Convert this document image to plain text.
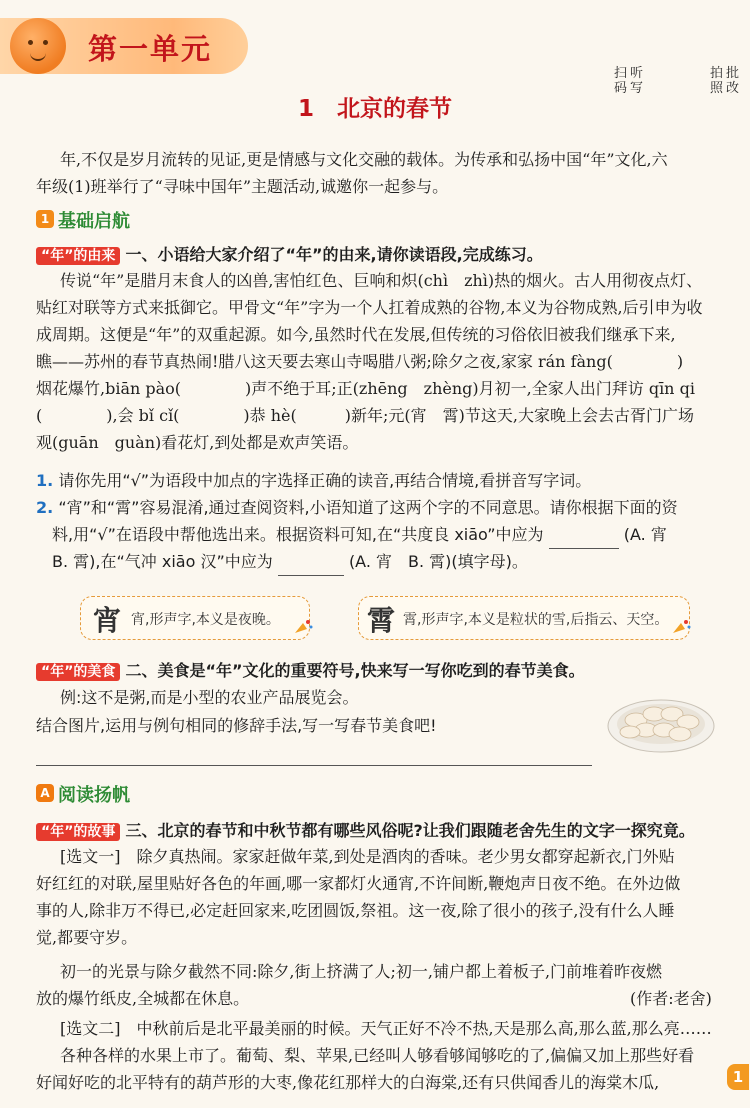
第一单元
1　北京的春节
扫
码
听
写
拍
照
批
改
年,不仅是岁月流转的见证,更是情感与文化交融的载体。为传承和弘扬中国“年”文化,六
年级(1)班举行了“寻味中国年”主题活动,诚邀你一起参与。
1 基础启航
“年”的由来 一、小语给大家介绍了“年”的由来,请你读语段,完成练习。
传说“年”是腊月末食人的凶兽,害怕红色、巨响和炽(chì　zhì)热的烟火。古人用彻夜点灯、
贴红对联等方式来抵御它。甲骨文“年”字为一个人扛着成熟的谷物,本义为谷物成熟,后引申为收
成周期。这便是“年”的双重起源。如今,虽然时代在发展,但传统的习俗依旧被我们继承下来,
瞧——苏州的春节真热闹!腊八这天要去寒山寺喝腊八粥;除夕之夜,家家 rán fàng(　　　　)
烟花爆竹,biān pào(　　　　)声不绝于耳;正(zhēng　zhèng)月初一,全家人出门拜访 qīn qi
(　　　　),会 bǐ cǐ(　　　　)恭 hè(　　　)新年;元(宵　霄)节这天,大家晚上会去古胥门广场
观(guān　guàn)看花灯,到处都是欢声笑语。
1. 请你先用“√”为语段中加点的字选择正确的读音,再结合情境,看拼音写字词。
2. “宵”和“霄”容易混淆,通过查阅资料,小语知道了这两个字的不同意思。请你根据下面的资
料,用“√”在语段中帮他选出来。根据资料可知,在“共度良 xiāo”中应为	(A. 宵
B. 霄),在“气冲 xiāo 汉”中应为	(A. 宵　B. 霄)(填字母)。
宵 宵,形声字,本义是夜晚。	霄 霄,形声字,本义是粒状的雪,后指云、天空。
“年”的美食 二、美食是“年”文化的重要符号,快来写一写你吃到的春节美食。
例:这不是粥,而是小型的农业产品展览会。
结合图片,运用与例句相同的修辞手法,写一写春节美食吧!
A 阅读扬帆
“年”的故事 三、北京的春节和中秋节都有哪些风俗呢?让我们跟随老舍先生的文字一探究竟。
[选文一]　除夕真热闹。家家赶做年菜,到处是酒肉的香味。老少男女都穿起新衣,门外贴
好红红的对联,屋里贴好各色的年画,哪一家都灯火通宵,不许间断,鞭炮声日夜不绝。在外边做
事的人,除非万不得已,必定赶回家来,吃团圆饭,祭祖。这一夜,除了很小的孩子,没有什么人睡
觉,都要守岁。
初一的光景与除夕截然不同:除夕,街上挤满了人;初一,铺户都上着板子,门前堆着昨夜燃
放的爆竹纸皮,全城都在休息。	(作者:老舍)
[选文二]　中秋前后是北平最美丽的时候。天气正好不冷不热,天是那么高,那么蓝,那么亮……
各种各样的水果上市了。葡萄、梨、苹果,已经叫人够看够闻够吃的了,偏偏又加上那些好看
好闻好吃的北平特有的葫芦形的大枣,像花红那样大的白海棠,还有只供闻香儿的海棠木瓜,	1
